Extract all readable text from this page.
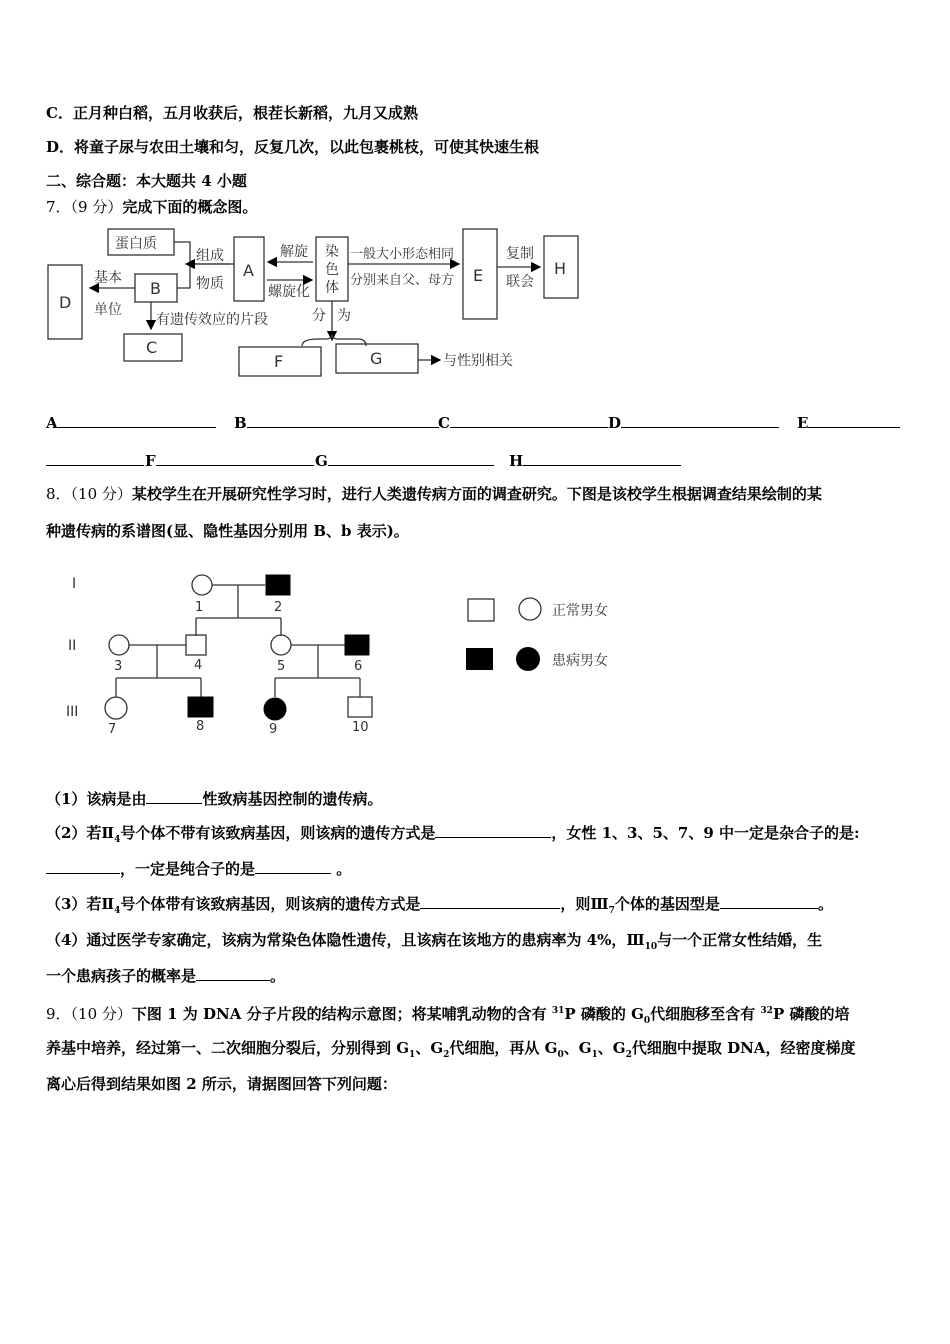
C．正月种白稻，五月收获后，根茬长新稻，九月又成熟
D．将童子尿与农田土壤和匀，反复几次，以此包裹桃枝，可使其快速生根
二、综合题：本大题共 4 小题
7．（9 分）完成下面的概念图。
蛋白质
D
B
A
染
色
体
E	H
C
F	G
组成
物质
基本
单位
解旋
螺旋化
一般大小形态相同
分别来自父、母方
复制
联会
有遗传效应的片段	分 为
与性别相关
A	B	C	D	E
F	G	H
8．（10 分）某校学生在开展研究性学习时，进行人类遗传病方面的调查研究。下图是该校学生根据调查结果绘制的某
种遗传病的系谱图(显、隐性基因分别用 B、b 表示)。
I
II
III
1	2
3	4	5	6
7	8	9	10
正常男女
患病男女
（1）该病是由	性致病基因控制的遗传病。
（2）若$Ⅱ_4$号个体不带有该致病基因，则该病的遗传方式是	，女性 1、3、5、7、9 中一定是杂合子的是:
，一定是纯合子的是	。
（3）若$Ⅱ_4$号个体带有该致病基因，则该病的遗传方式是	，则$Ⅲ_7$个体的基因型是	。
（4）通过医学专家确定，该病为常染色体隐性遗传，且该病在该地方的患病率为 4%，$Ⅲ_{10}$与一个正常女性结婚，生
一个患病孩子的概率是	。
9．（10 分）下图 1 为 DNA 分子片段的结构示意图；将某哺乳动物的含有 $^{31}$P 磷酸的 $G_0$代细胞移至含有 $^{32}$P 磷酸的培
养基中培养，经过第一、二次细胞分裂后，分别得到 $G_1$、$G_2$代细胞，再从 $G_0$、$G_1$、$G_2$代细胞中提取 DNA，经密度梯度
离心后得到结果如图 2 所示，请据图回答下列问题：
